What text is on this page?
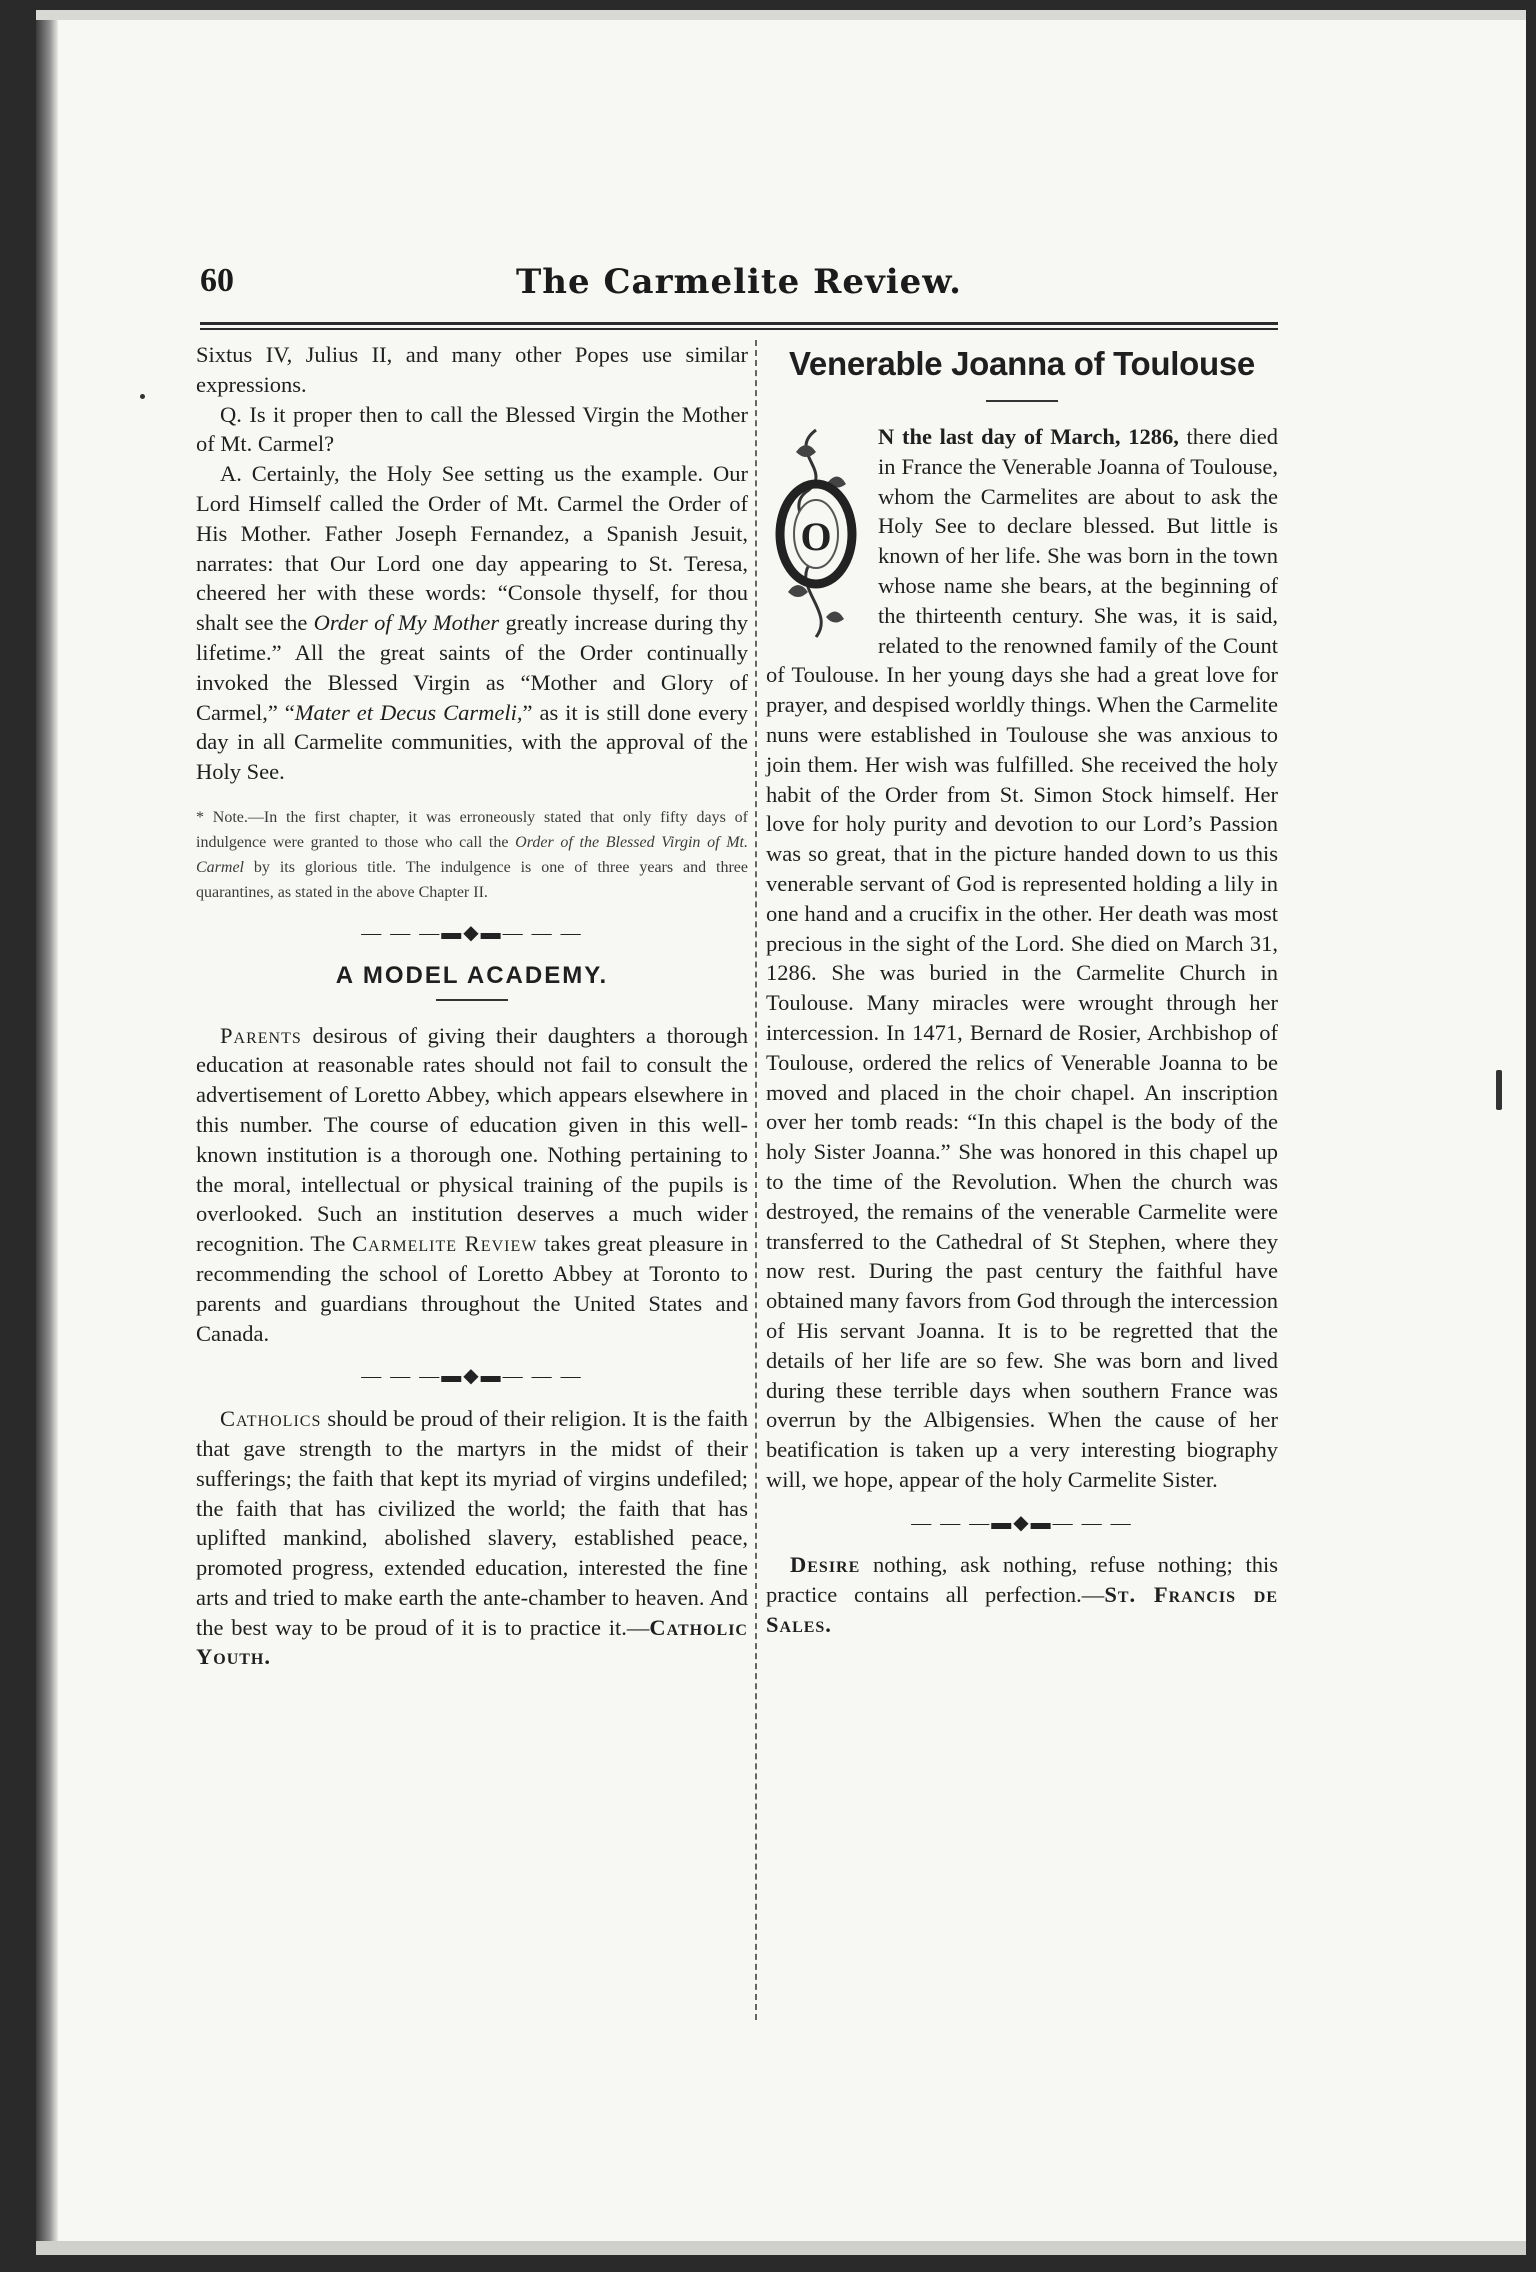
60	The Carmelite Review.

Sixtus IV, Julius II, and many other Popes use similar expressions.

Q. Is it proper then to call the Blessed Virgin the Mother of Mt. Carmel?

A. Certainly, the Holy See setting us the example. Our Lord Himself called the Order of Mt. Carmel the Order of His Mother. Father Joseph Fernandez, a Spanish Jesuit, narrates: that Our Lord one day appearing to St. Teresa, cheered her with these words: “Console thyself, for thou shalt see the Order of My Mother greatly increase during thy lifetime.” All the great saints of the Order continually invoked the Blessed Virgin as “Mother and Glory of Carmel,” “Mater et Decus Carmeli,” as it is still done every day in all Carmelite communities, with the approval of the Holy See.

* Note.—In the first chapter, it was erroneously stated that only fifty days of indulgence were granted to those who call the Order of the Blessed Virgin of Mt. Carmel by its glorious title. The indulgence is one of three years and three quarantines, as stated in the above Chapter II.
— — —▬◆▬— — —
A MODEL ACADEMY.

Parents desirous of giving their daughters a thorough education at reasonable rates should not fail to consult the advertisement of Loretto Abbey, which appears elsewhere in this number. The course of education given in this well-known institution is a thorough one. Nothing pertaining to the moral, intellectual or physical training of the pupils is overlooked. Such an institution deserves a much wider recognition. The Carmelite Review takes great pleasure in recommending the school of Loretto Abbey at Toronto to parents and guardians throughout the United States and Canada.

— — —▬◆▬— — —

Catholics should be proud of their religion. It is the faith that gave strength to the martyrs in the midst of their sufferings; the faith that kept its myriad of virgins undefiled; the faith that has civilized the world; the faith that has uplifted mankind, abolished slavery, established peace, promoted progress, extended education, interested the fine arts and tried to make earth the ante-chamber to heaven. And the best way to be proud of it is to practice it.—Catholic Youth.

Venerable Joanna of Toulouse
O

N the last day of March, 1286, there died in France the Venerable Joanna of Toulouse, whom the Carmelites are about to ask the Holy See to declare blessed. But little is known of her life. She was born in the town whose name she bears, at the beginning of the thirteenth century. She was, it is said, related to the renowned family of the Count of Toulouse. In her young days she had a great love for prayer, and despised worldly things. When the Carmelite nuns were established in Toulouse she was anxious to join them. Her wish was fulfilled. She received the holy habit of the Order from St. Simon Stock himself. Her love for holy purity and devotion to our Lord’s Passion was so great, that in the picture handed down to us this venerable servant of God is represented holding a lily in one hand and a crucifix in the other. Her death was most precious in the sight of the Lord. She died on March 31, 1286. She was buried in the Carmelite Church in Toulouse. Many miracles were wrought through her intercession. In 1471, Bernard de Rosier, Archbishop of Toulouse, ordered the relics of Venerable Joanna to be moved and placed in the choir chapel. An inscription over her tomb reads: “In this chapel is the body of the holy Sister Joanna.” She was honored in this chapel up to the time of the Revolution. When the church was destroyed, the remains of the venerable Carmelite were transferred to the Cathedral of St Stephen, where they now rest. During the past century the faithful have obtained many favors from God through the intercession of His servant Joanna. It is to be regretted that the details of her life are so few. She was born and lived during these terrible days when southern France was overrun by the Albigensies. When the cause of her beatification is taken up a very interesting biography will, we hope, appear of the holy Carmelite Sister.

— — —▬◆▬— — —

Desire nothing, ask nothing, refuse nothing; this practice contains all perfection.—St. Francis de Sales.
